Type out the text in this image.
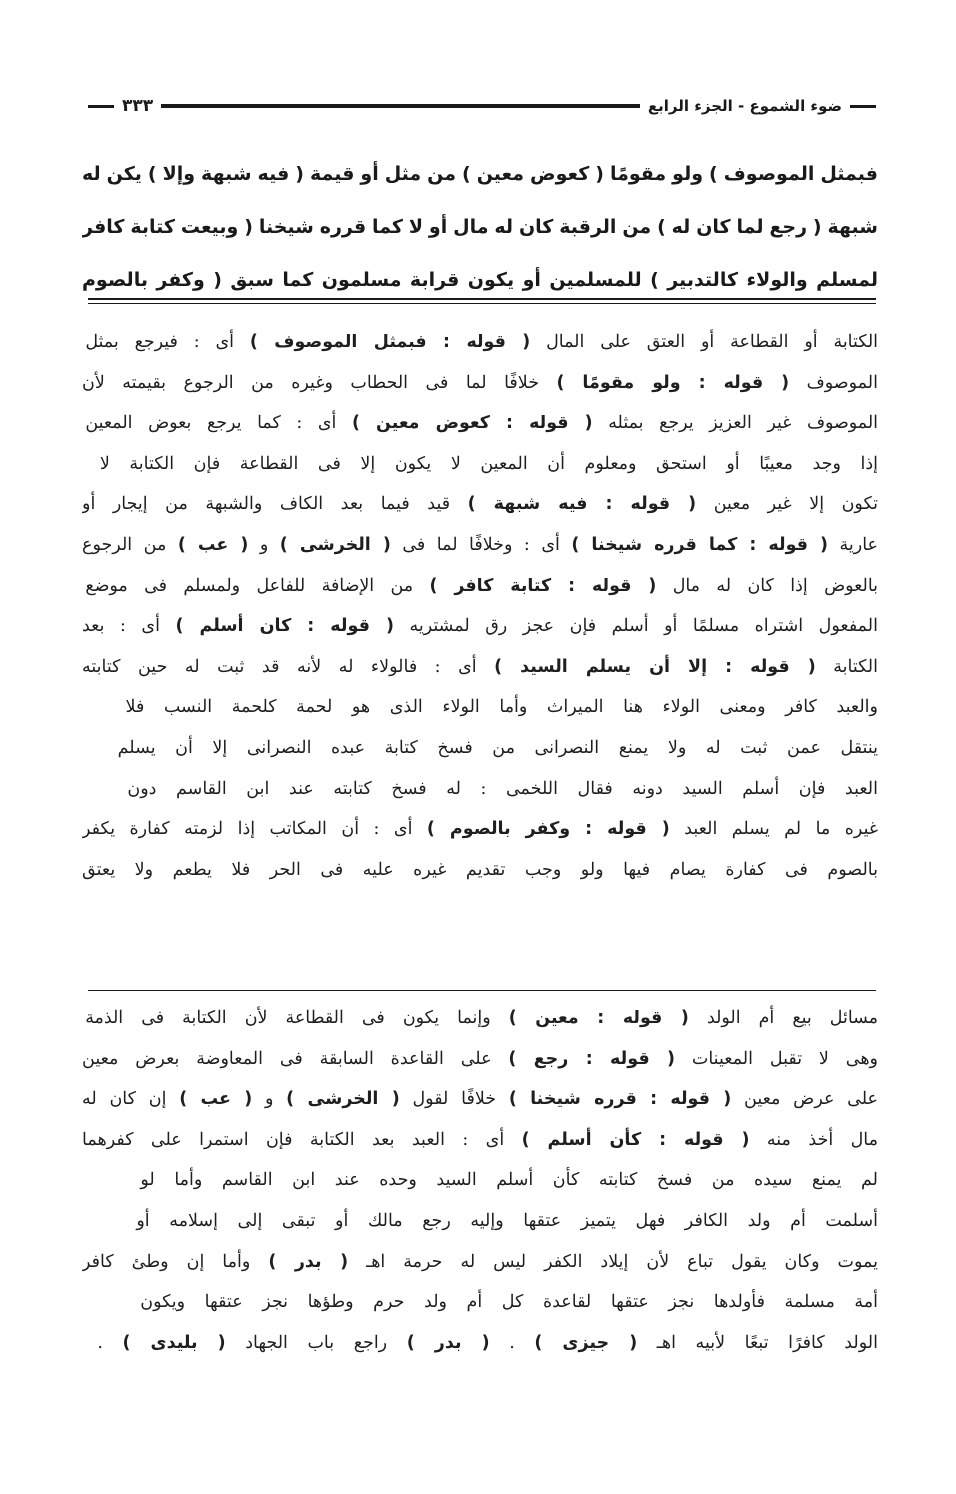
ضوء الشموع - الجزء الرابع
٣٣٣
فبمثل الموصوف ) ولو مقومًا ( كعوض معين ) من مثل أو قيمة ( فيه شبهة وإلا ) يكن له
شبهة ( رجع لما كان له ) من الرقبة كان له مال أو لا كما قرره شيخنا ( وبيعت كتابة كافر
لمسلم والولاء كالتدبير ) للمسلمين أو يكون قرابة مسلمون كما سبق ( وكفر بالصوم
الكتابة أو القطاعة أو العتق على المال ( قوله : فبمثل الموصوف ) أى : فيرجع بمثل
الموصوف ( قوله : ولو مقومًا ) خلافًا لما فى الحطاب وغيره من الرجوع بقيمته لأن
الموصوف غير العزيز يرجع بمثله ( قوله : كعوض معين ) أى : كما يرجع بعوض المعين
إذا وجد معيبًا أو استحق ومعلوم أن المعين لا يكون إلا فى القطاعة فإن الكتابة لا
تكون إلا غير معين ( قوله : فيه شبهة ) قيد فيما بعد الكاف والشبهة من إيجار أو
عارية ( قوله : كما قرره شيخنا ) أى : وخلافًا لما فى ( الخرشى ) و ( عب ) من الرجوع
بالعوض إذا كان له مال ( قوله : كتابة كافر ) من الإضافة للفاعل ولمسلم فى موضع
المفعول اشتراه مسلمًا أو أسلم فإن عجز رق لمشتريه ( قوله : كان أسلم ) أى : بعد
الكتابة ( قوله : إلا أن يسلم السيد ) أى : فالولاء له لأنه قد ثبت له حين كتابته
والعبد كافر ومعنى الولاء هنا الميراث وأما الولاء الذى هو لحمة كلحمة النسب فلا
ينتقل عمن ثبت له ولا يمنع النصرانى من فسخ كتابة عبده النصرانى إلا أن يسلم
العبد فإن أسلم السيد دونه فقال اللخمى : له فسخ كتابته عند ابن القاسم دون
غيره ما لم يسلم العبد ( قوله : وكفر بالصوم ) أى : أن المكاتب إذا لزمته كفارة يكفر
بالصوم فى كفارة يصام فيها ولو وجب تقديم غيره عليه فى الحر فلا يطعم ولا يعتق
مسائل بيع أم الولد ( قوله : معين ) وإنما يكون فى القطاعة لأن الكتابة فى الذمة
وهى لا تقبل المعينات ( قوله : رجع ) على القاعدة السابقة فى المعاوضة بعرض معين
على عرض معين ( قوله : قرره شيخنا ) خلافًا لقول ( الخرشى ) و ( عب ) إن كان له
مال أخذ منه ( قوله : كأن أسلم ) أى : العبد بعد الكتابة فإن استمرا على كفرهما
لم يمنع سيده من فسخ كتابته كأن أسلم السيد وحده عند ابن القاسم وأما لو
أسلمت أم ولد الكافر فهل يتميز عتقها وإليه رجع مالك أو تبقى إلى إسلامه أو
يموت وكان يقول تباع لأن إيلاد الكفر ليس له حرمة اهـ ( بدر ) وأما إن وطئ كافر
أمة مسلمة فأولدها نجز عتقها لقاعدة كل أم ولد حرم وطؤها نجز عتقها ويكون
الولد كافرًا تبعًا لأبيه اهـ ( جيزى ) . ( بدر ) راجع باب الجهاد ( بليدى ) .
